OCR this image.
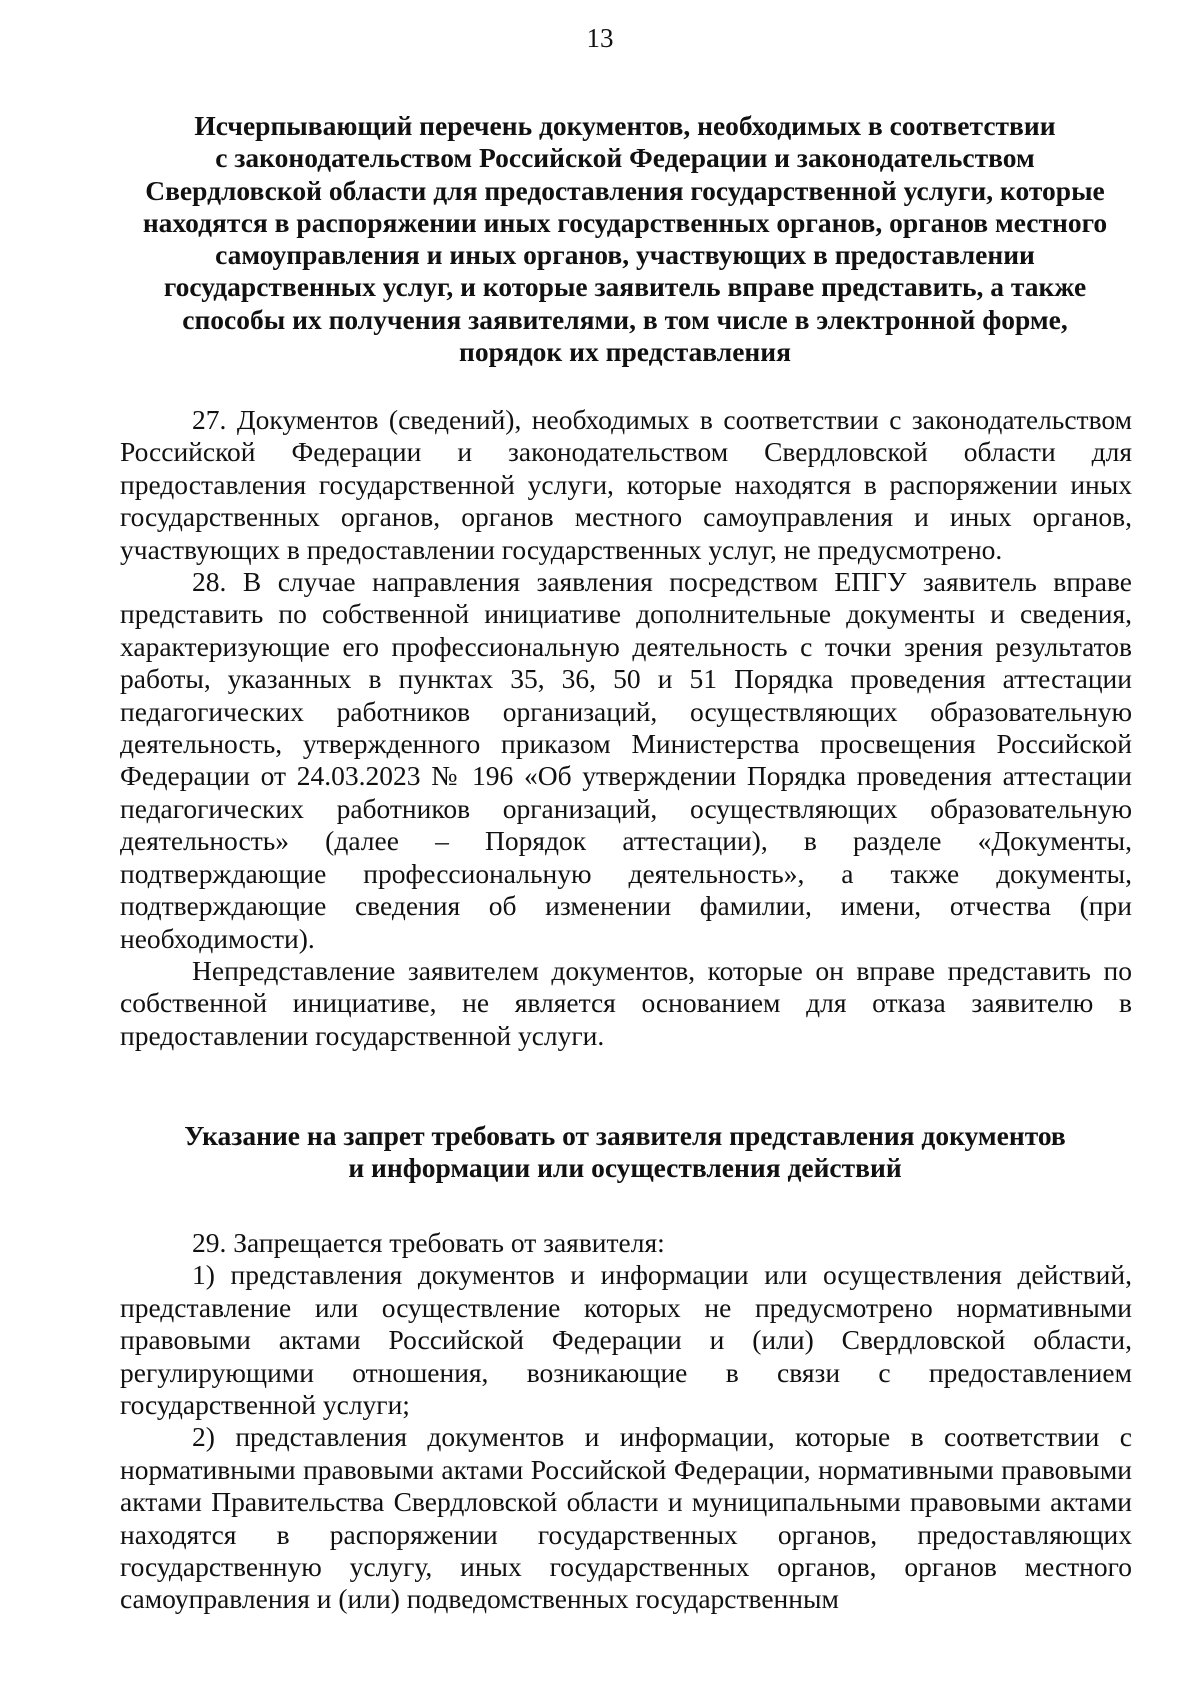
13
Исчерпывающий перечень документов, необходимых в соответствии
с законодательством Российской Федерации и законодательством
Свердловской области для предоставления государственной услуги, которые
находятся в распоряжении иных государственных органов, органов местного
самоуправления и иных органов, участвующих в предоставлении
государственных услуг, и которые заявитель вправе представить, а также
способы их получения заявителями, в том числе в электронной форме,
порядок их представления

27. Документов (сведений), необходимых в соответствии с законодательством Российской Федерации и законодательством Свердловской области для предоставления государственной услуги, которые находятся в распоряжении иных государственных органов, органов местного самоуправления и иных органов, участвующих в предоставлении государственных услуг, не предусмотрено.

28. В случае направления заявления посредством ЕПГУ заявитель вправе представить по собственной инициативе дополнительные документы и сведения, характеризующие его профессиональную деятельность с точки зрения результатов работы, указанных в пунктах 35, 36, 50 и 51 Порядка проведения аттестации педагогических работников организаций, осуществляющих образовательную деятельность, утвержденного приказом Министерства просвещения Российской Федерации от 24.03.2023 № 196 «Об утверждении Порядка проведения аттестации педагогических работников организаций, осуществляющих образовательную деятельность» (далее – Порядок аттестации), в разделе «Документы, подтверждающие профессиональную деятельность», а также документы, подтверждающие сведения об изменении фамилии, имени, отчества (при необходимости).

Непредставление заявителем документов, которые он вправе представить по собственной инициативе, не является основанием для отказа заявителю в предоставлении государственной услуги.

Указание на запрет требовать от заявителя представления документов
и информации или осуществления действий

29. Запрещается требовать от заявителя:

1) представления документов и информации или осуществления действий, представление или осуществление которых не предусмотрено нормативными правовыми актами Российской Федерации и (или) Свердловской области, регулирующими отношения, возникающие в связи с предоставлением государственной услуги;

2) представления документов и информации, которые в соответствии с нормативными правовыми актами Российской Федерации, нормативными правовыми актами Правительства Свердловской области и муниципальными правовыми актами находятся в распоряжении государственных органов, предоставляющих государственную услугу, иных государственных органов, органов местного самоуправления и (или) подведомственных государственным
